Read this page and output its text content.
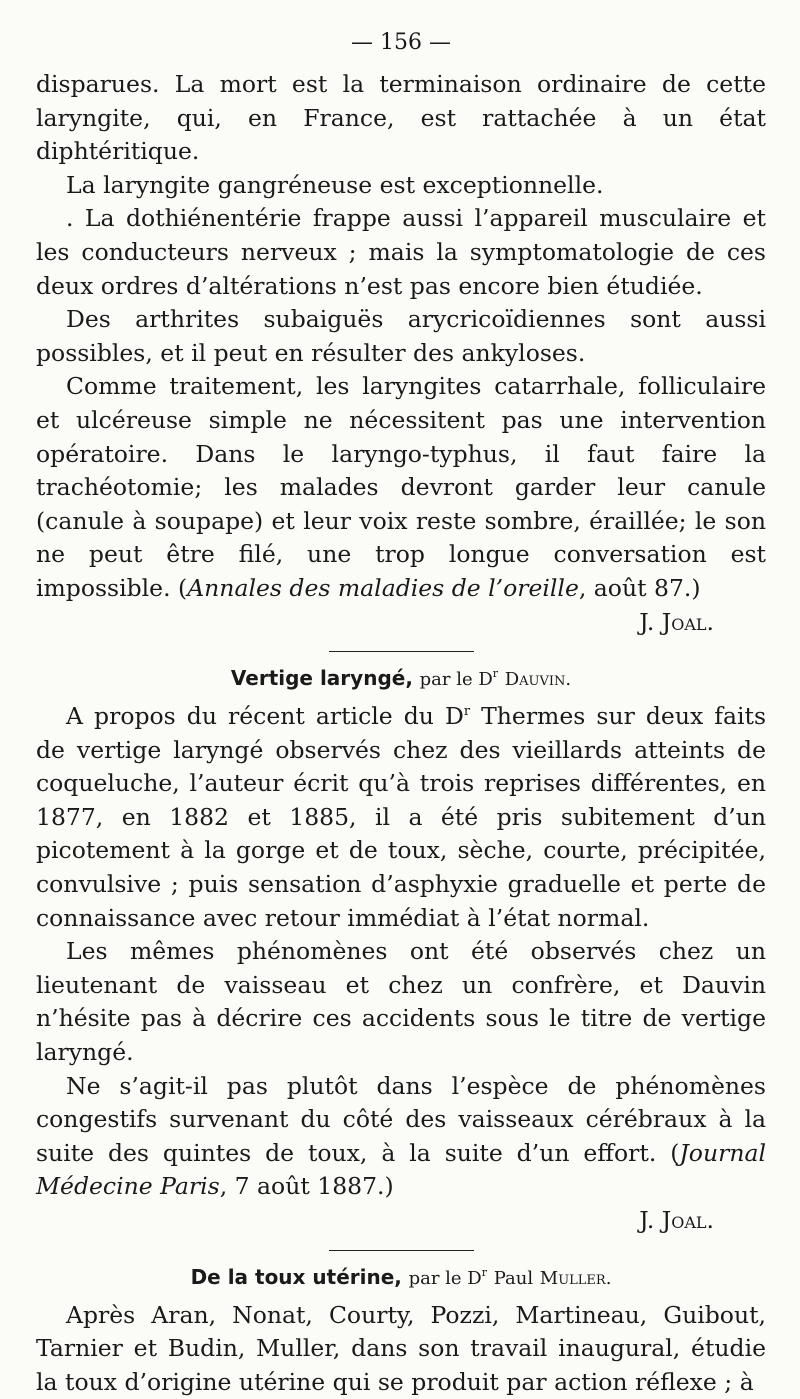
— 156 —

disparues. La mort est la terminaison ordinaire de cette laryngite, qui, en France, est rattachée à un état diphtéritique.

La laryngite gangréneuse est exceptionnelle.

. La dothiénentérie frappe aussi l’appareil musculaire et les conducteurs nerveux ; mais la symptomatologie de ces deux ordres d’altérations n’est pas encore bien étudiée.

Des arthrites subaiguës arycricoïdiennes sont aussi possibles, et il peut en résulter des ankyloses.

Comme traitement, les laryngites catarrhale, folliculaire et ulcéreuse simple ne nécessitent pas une intervention opératoire. Dans le laryngo-typhus, il faut faire la trachéotomie; les malades devront garder leur canule (canule à soupape) et leur voix reste sombre, éraillée; le son ne peut être filé, une trop longue conversation est impossible. (Annales des maladies de l’oreille, août 87.)

J. Joal.
Vertige laryngé, par le $D^r$ Dauvin.

A propos du récent article du $D^r$ Thermes sur deux faits de vertige laryngé observés chez des vieillards atteints de coqueluche, l’auteur écrit qu’à trois reprises différentes, en 1877, en 1882 et 1885, il a été pris subitement d’un picotement à la gorge et de toux, sèche, courte, précipitée, convulsive ; puis sensation d’asphyxie graduelle et perte de connaissance avec retour immédiat à l’état normal.

Les mêmes phénomènes ont été observés chez un lieutenant de vaisseau et chez un confrère, et Dauvin n’hésite pas à décrire ces accidents sous le titre de vertige laryngé.

Ne s’agit-il pas plutôt dans l’espèce de phénomènes congestifs survenant du côté des vaisseaux cérébraux à la suite des quintes de toux, à la suite d’un effort. (Journal Médecine Paris, 7 août 1887.)

J. Joal.
De la toux utérine, par le $D^r$ Paul Muller.

Après Aran, Nonat, Courty, Pozzi, Martineau, Guibout, Tarnier et Budin, Muller, dans son travail inaugural, étudie la toux d’origine utérine qui se produit par action réflexe ; à
